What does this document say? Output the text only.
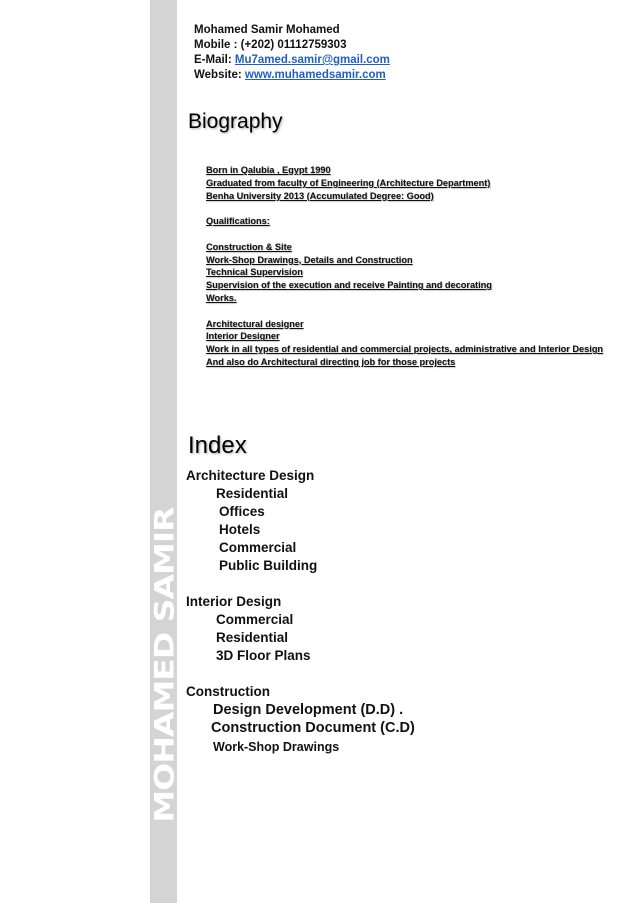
MOHAMED SAMIR
Mohamed Samir Mohamed
Mobile : (+202) 01112759303
E-Mail: Mu7amed.samir@gmail.com
Website: www.muhamedsamir.com
Biography
Born in Qalubia , Egypt 1990
Graduated from faculty of Engineering (Architecture Department)
Benha University 2013 (Accumulated Degree: Good)
Qualifications:
Construction & Site
Work-Shop Drawings, Details and Construction
Technical Supervision
Supervision of the execution and receive Painting and decorating
Works.
Architectural designer
Interior Designer
Work in all types of residential and commercial projects, administrative and Interior Design
And also do Architectural directing job for those projects
Index
Architecture Design
Residential
Offices
Hotels
Commercial
Public Building
Interior Design
Commercial
Residential
3D Floor Plans
Construction
Design Development (D.D) .
Construction Document (C.D)
Work-Shop Drawings
